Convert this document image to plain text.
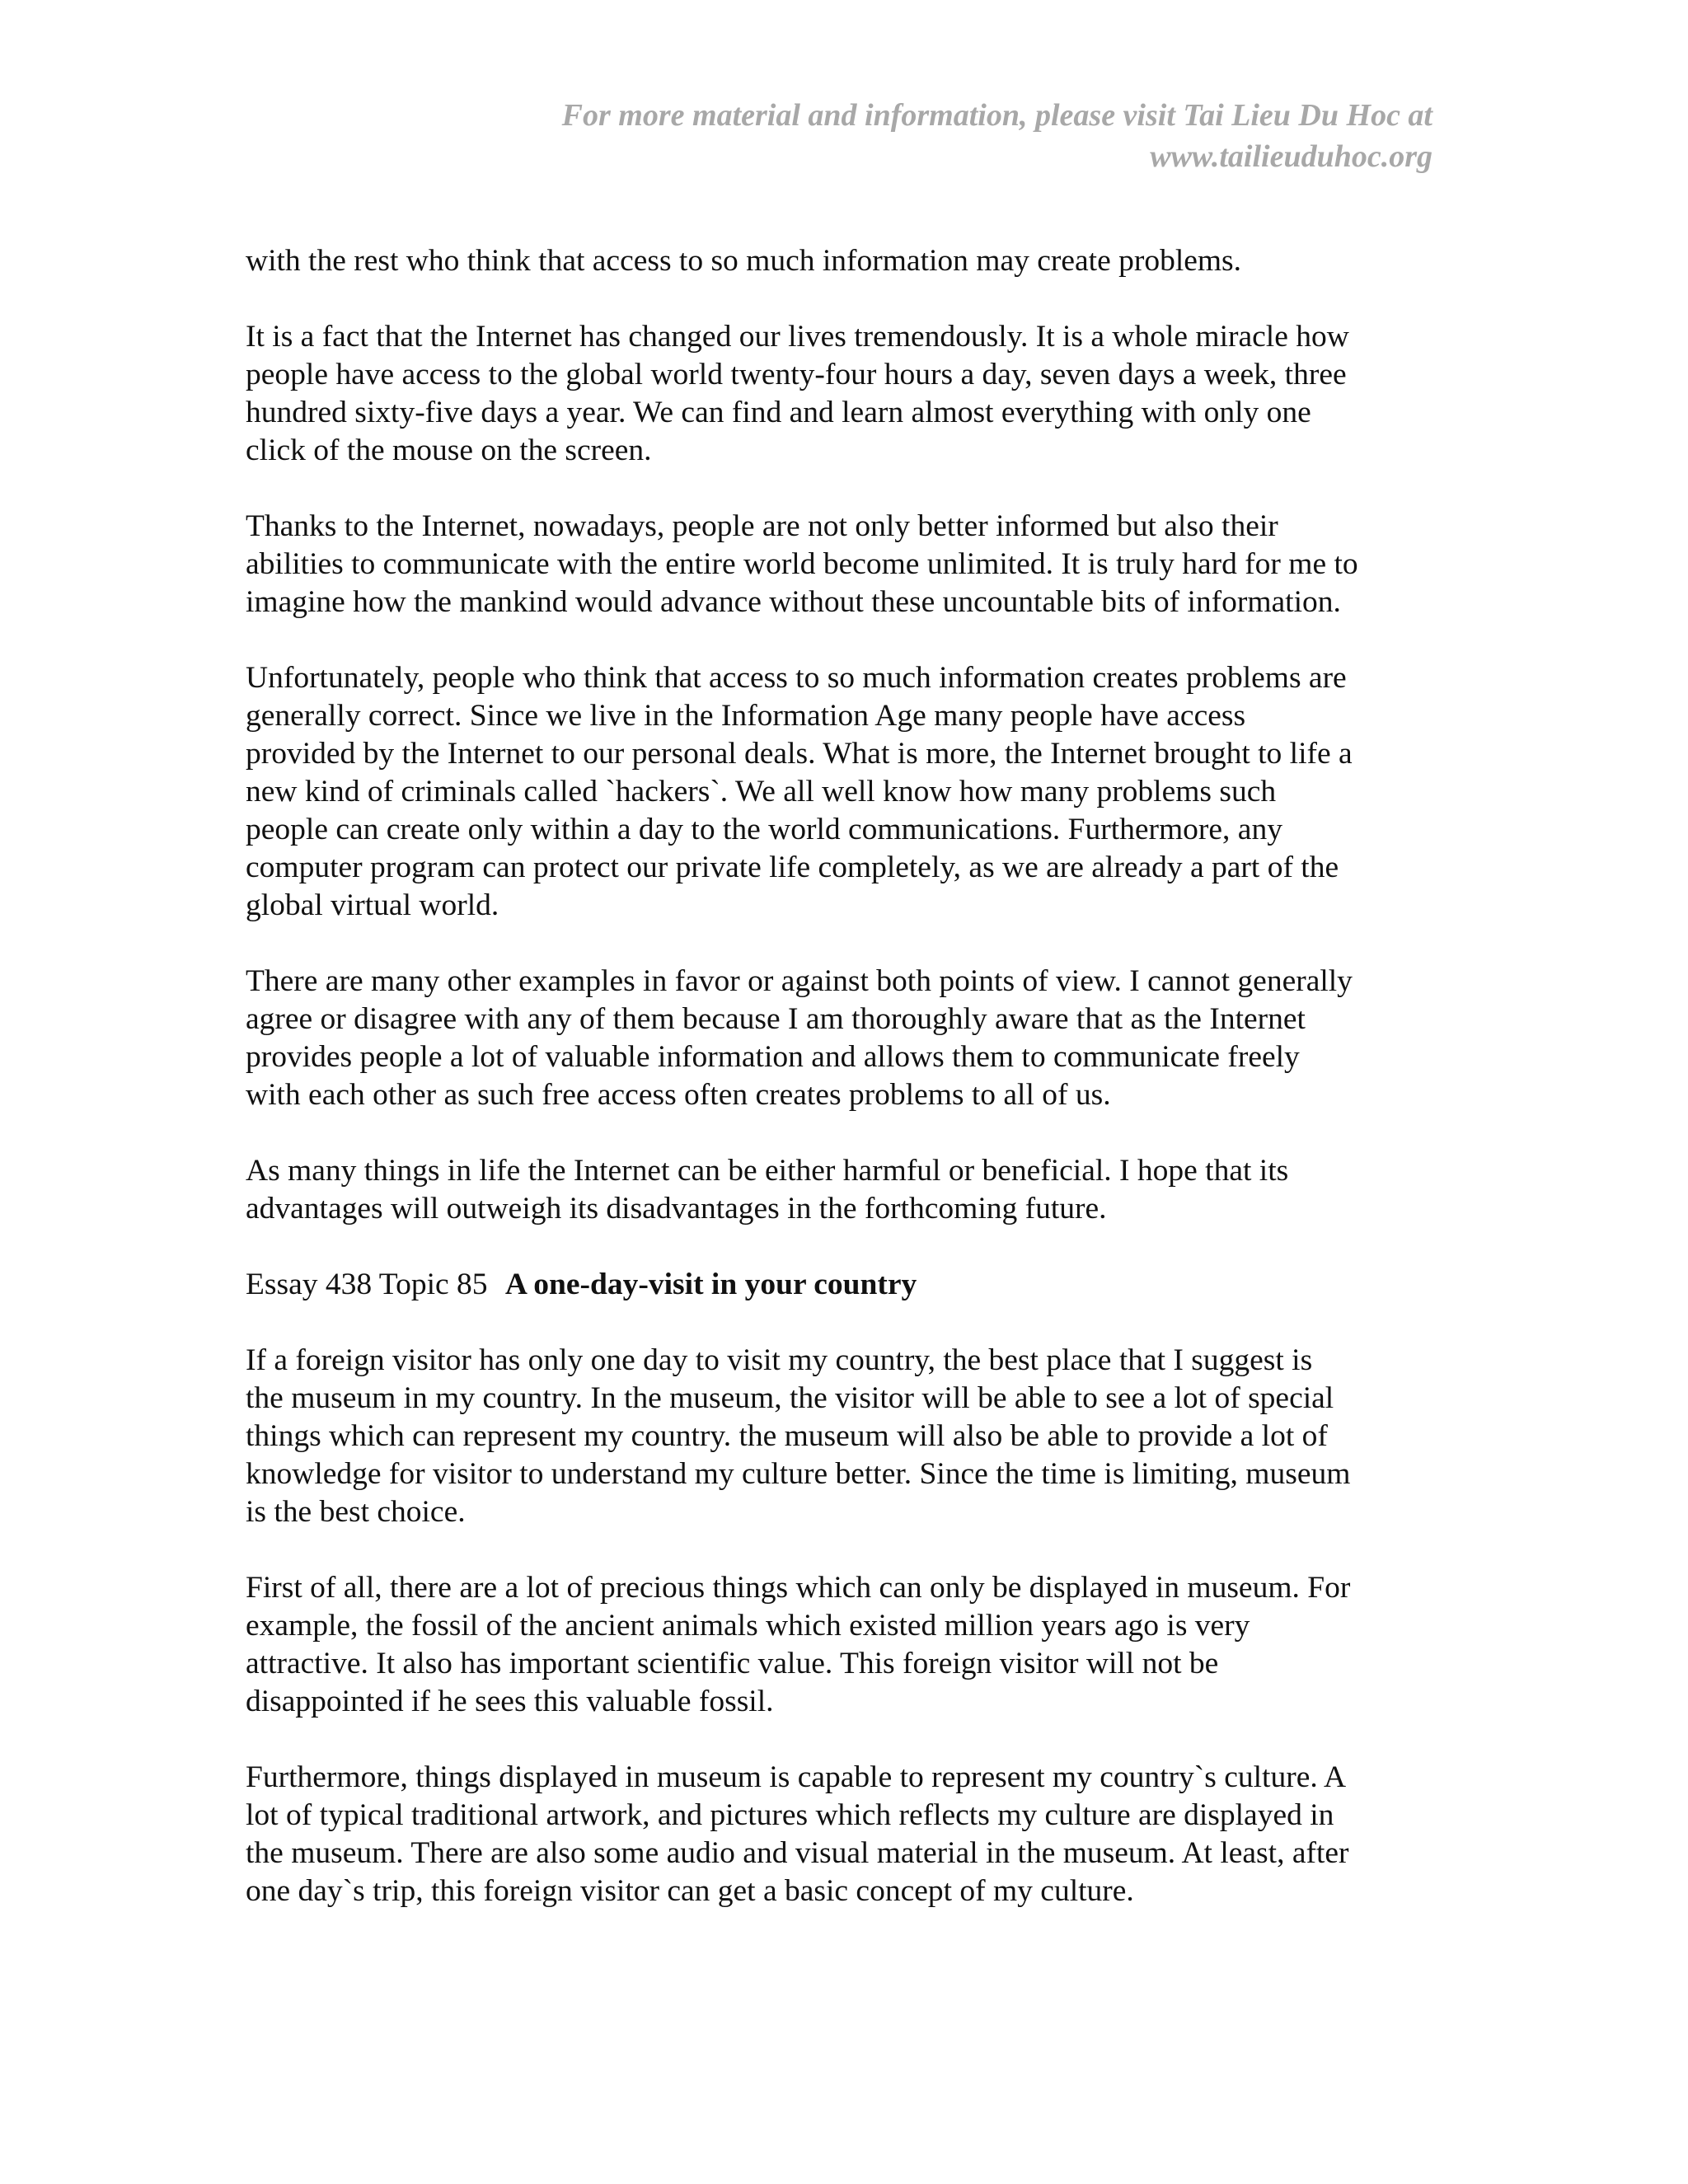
For more material and information, please visit Tai Lieu Du Hoc at
www.tailieuduhoc.org
with the rest who think that access to so much information may create problems.
It is a fact that the Internet has changed our lives tremendously. It is a whole miracle how
people have access to the global world twenty-four hours a day, seven days a week, three
hundred sixty-five days a year. We can find and learn almost everything with only one
click of the mouse on the screen.
Thanks to the Internet, nowadays, people are not only better informed but also their
abilities to communicate with the entire world become unlimited. It is truly hard for me to
imagine how the mankind would advance without these uncountable bits of information.
Unfortunately, people who think that access to so much information creates problems are
generally correct. Since we live in the Information Age many people have access
provided by the Internet to our personal deals. What is more, the Internet brought to life a
new kind of criminals called `hackers`. We all well know how many problems such
people can create only within a day to the world communications. Furthermore, any
computer program can protect our private life completely, as we are already a part of the
global virtual world.
There are many other examples in favor or against both points of view. I cannot generally
agree or disagree with any of them because I am thoroughly aware that as the Internet
provides people a lot of valuable information and allows them to communicate freely
with each other as such free access often creates problems to all of us.
As many things in life the Internet can be either harmful or beneficial. I hope that its
advantages will outweigh its disadvantages in the forthcoming future.
Essay 438 Topic 85 A one-day-visit in your country
If a foreign visitor has only one day to visit my country, the best place that I suggest is
the museum in my country. In the museum, the visitor will be able to see a lot of special
things which can represent my country. the museum will also be able to provide a lot of
knowledge for visitor to understand my culture better. Since the time is limiting, museum
is the best choice.
First of all, there are a lot of precious things which can only be displayed in museum. For
example, the fossil of the ancient animals which existed million years ago is very
attractive. It also has important scientific value. This foreign visitor will not be
disappointed if he sees this valuable fossil.
Furthermore, things displayed in museum is capable to represent my country`s culture. A
lot of typical traditional artwork, and pictures which reflects my culture are displayed in
the museum. There are also some audio and visual material in the museum. At least, after
one day`s trip, this foreign visitor can get a basic concept of my culture.
